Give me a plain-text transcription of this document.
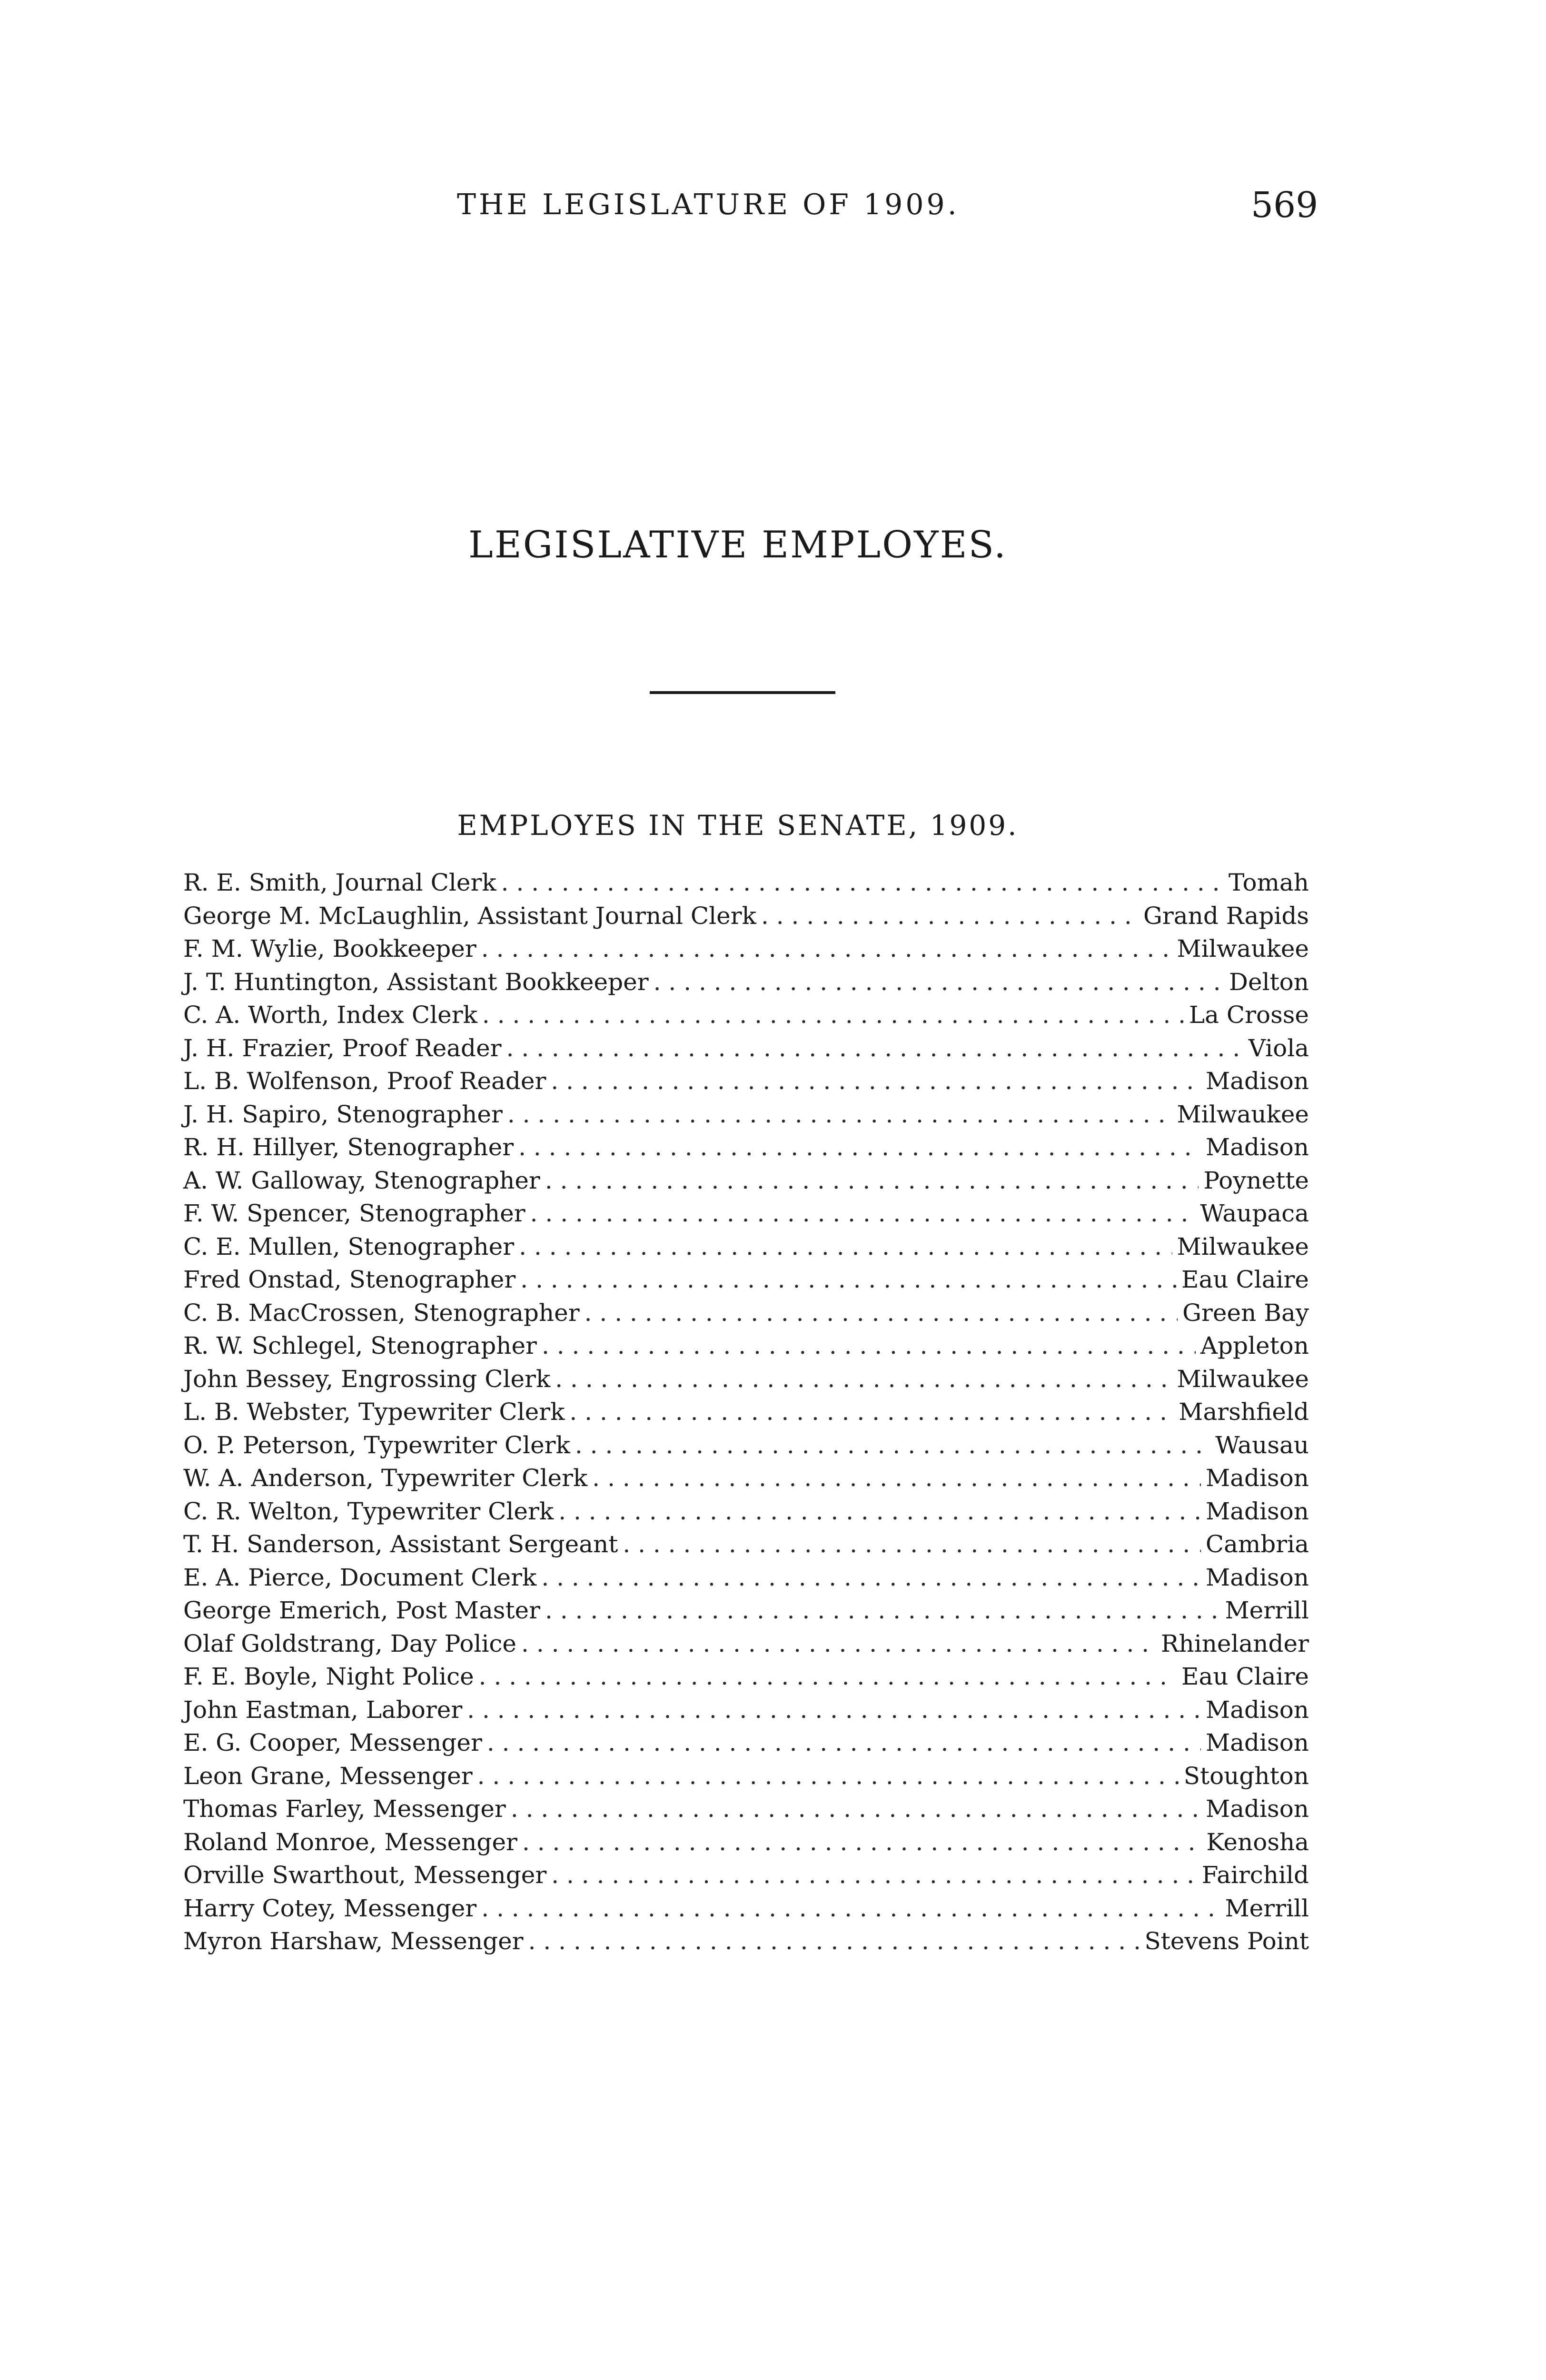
THE LEGISLATURE OF 1909.	569
LEGISLATIVE EMPLOYES.
EMPLOYES IN THE SENATE, 1909.
R. E. Smith, Journal Clerk . . .	Tomah
George M. McLaughlin, Assistant Journal Clerk . . .	Grand Rapids
F. M. Wylie, Bookkeeper . . .	Milwaukee
J. T. Huntington, Assistant Bookkeeper . . .	Delton
C. A. Worth, Index Clerk . . .	La Crosse
J. H. Frazier, Proof Reader . . .	Viola
L. B. Wolfenson, Proof Reader . . .	Madison
J. H. Sapiro, Stenographer . . .	Milwaukee
R. H. Hillyer, Stenographer . . .	Madison
A. W. Galloway, Stenographer . . .	Poynette
F. W. Spencer, Stenographer . . .	Waupaca
C. E. Mullen, Stenographer . . .	Milwaukee
Fred Onstad, Stenographer . . .	Eau Claire
C. B. MacCrossen, Stenographer . . .	Green Bay
R. W. Schlegel, Stenographer . . .	Appleton
John Bessey, Engrossing Clerk . . .	Milwaukee
L. B. Webster, Typewriter Clerk . . .	Marshfield
O. P. Peterson, Typewriter Clerk . . .	Wausau
W. A. Anderson, Typewriter Clerk . . .	Madison
C. R. Welton, Typewriter Clerk . . .	Madison
T. H. Sanderson, Assistant Sergeant . . .	Cambria
E. A. Pierce, Document Clerk . . .	Madison
George Emerich, Post Master . . .	Merrill
Olaf Goldstrang, Day Police . . .	Rhinelander
F. E. Boyle, Night Police . . .	Eau Claire
John Eastman, Laborer . . .	Madison
E. G. Cooper, Messenger . . .	Madison
Leon Grane, Messenger . . .	Stoughton
Thomas Farley, Messenger . . .	Madison
Roland Monroe, Messenger . . .	Kenosha
Orville Swarthout, Messenger . . .	Fairchild
Harry Cotey, Messenger . . .	Merrill
Myron Harshaw, Messenger . . .	Stevens Point
